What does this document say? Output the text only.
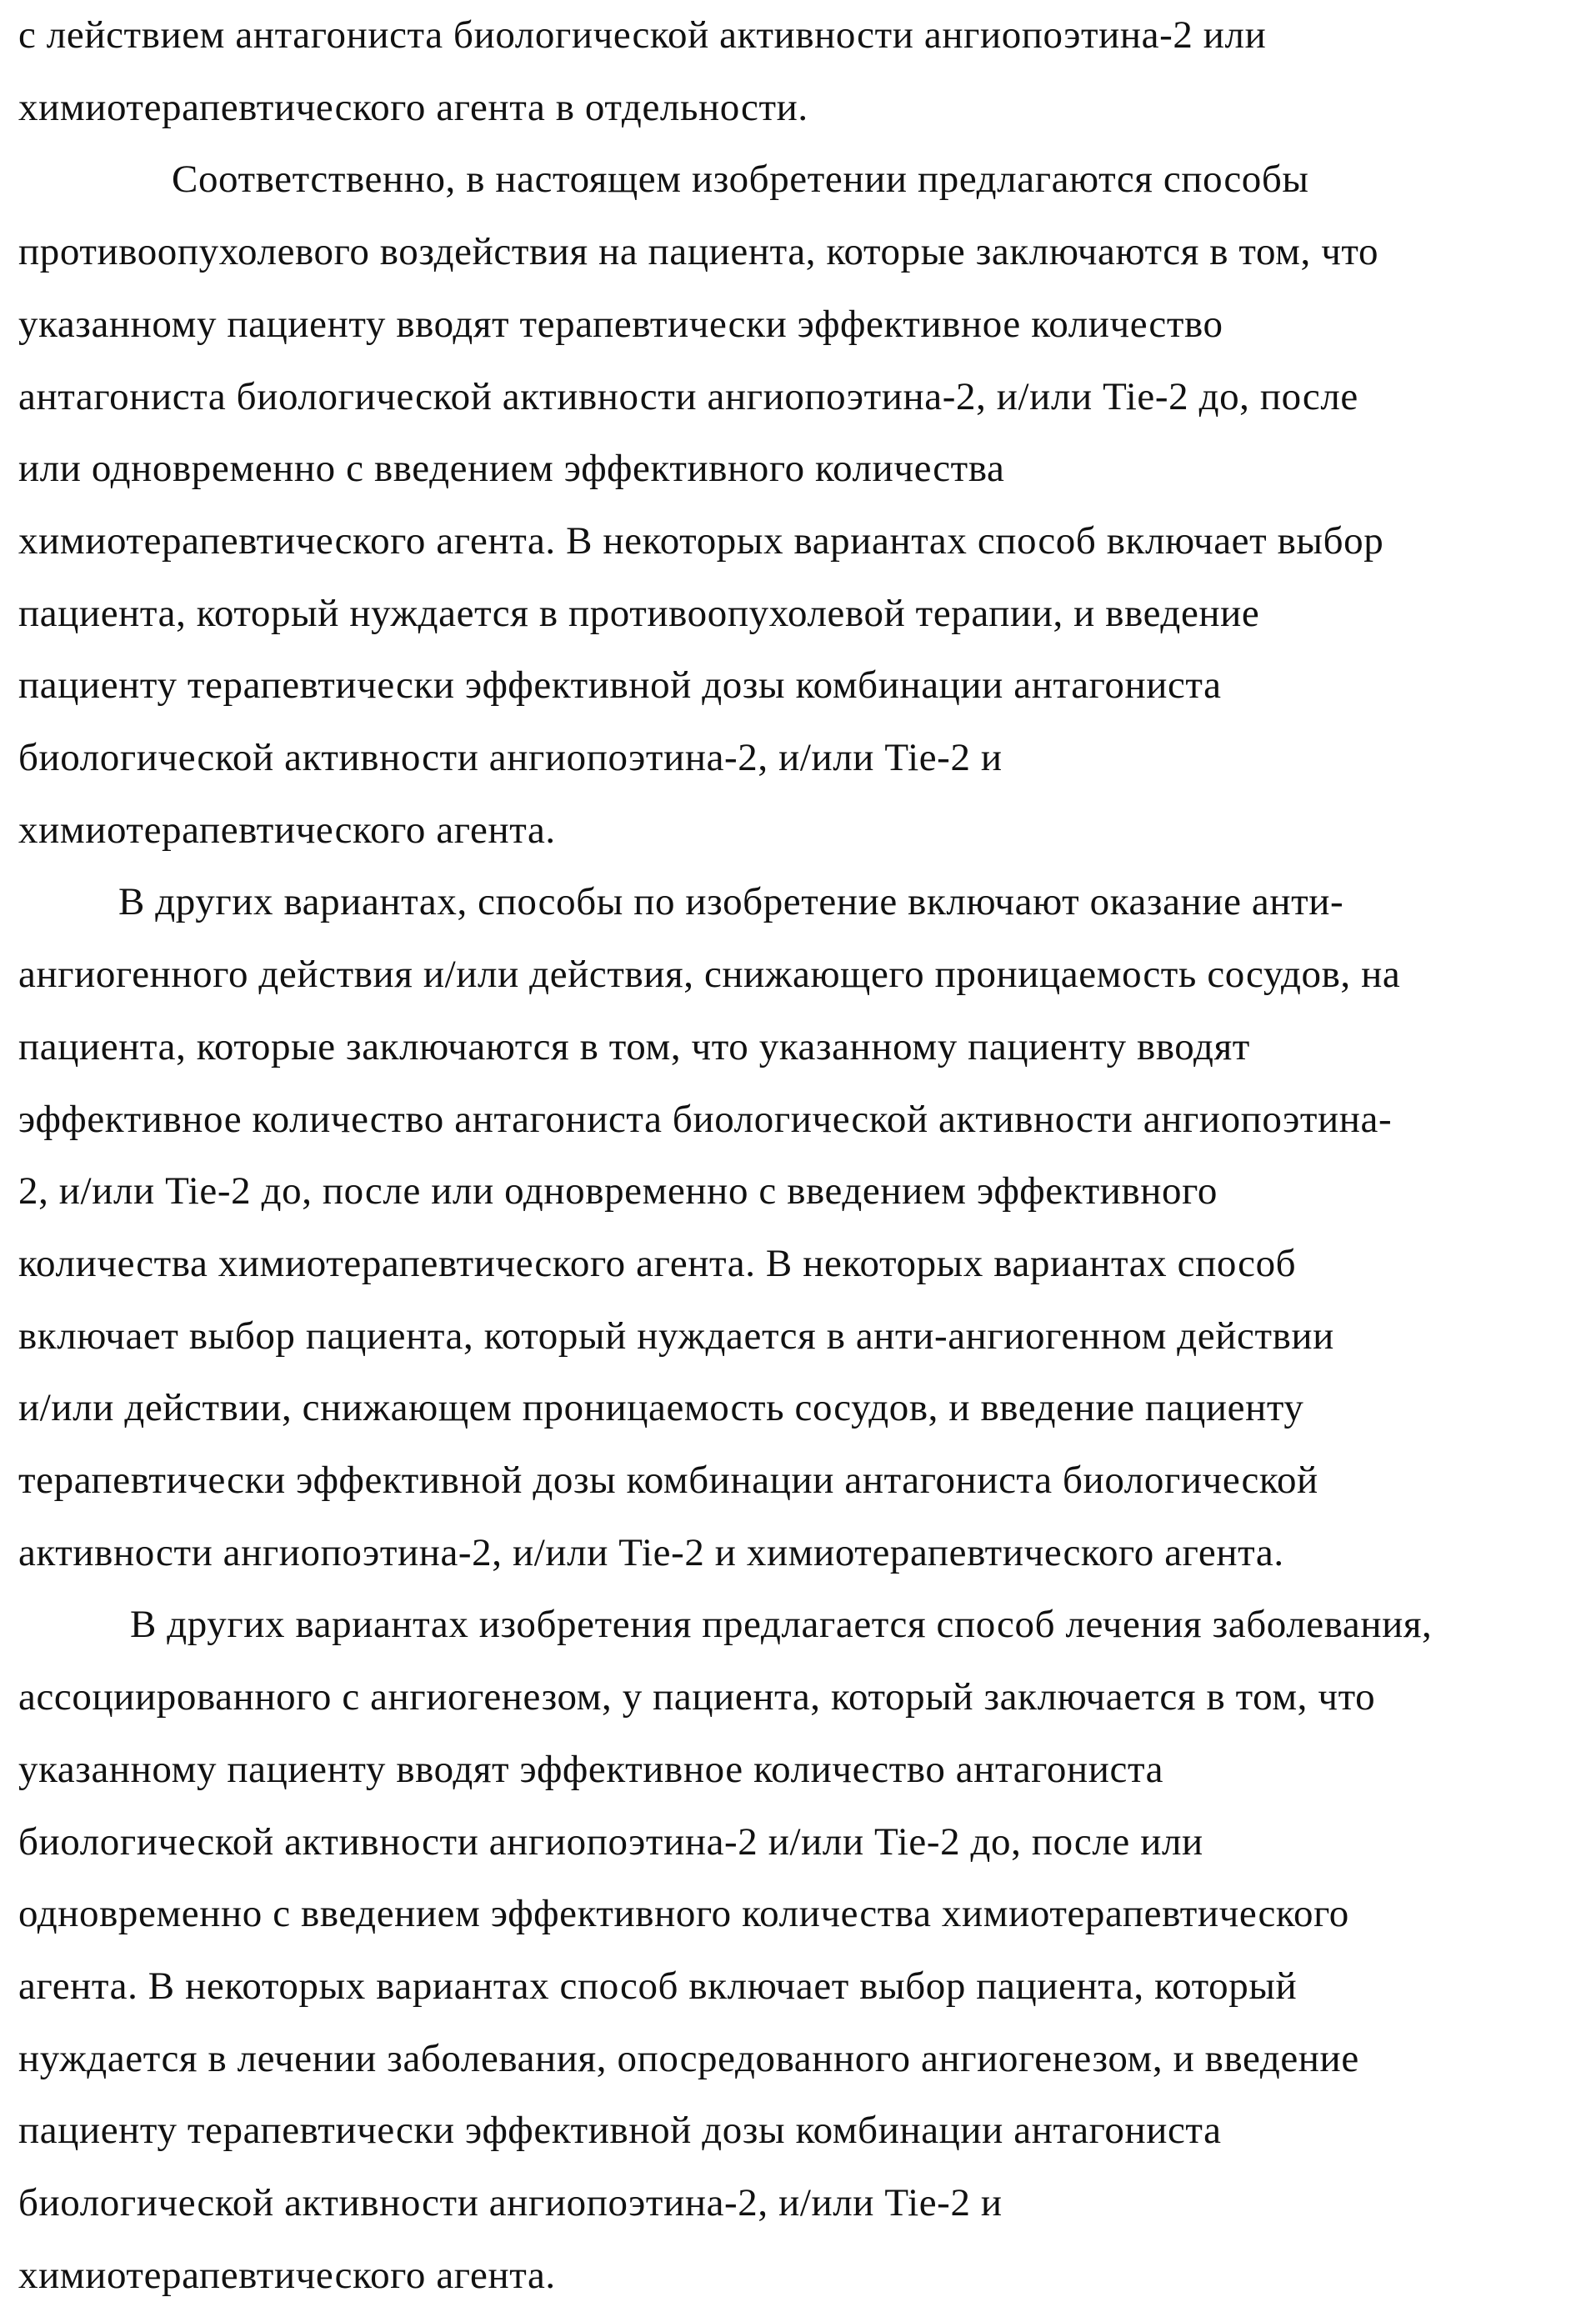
с лействием антагониста биологической активности ангиопоэтина-2 или
химиотерапевтического агента в отдельности.
Соответственно, в настоящем изобретении предлагаются способы
противоопухолевого воздействия на пациента, которые заключаются в том, что
указанному пациенту вводят терапевтически эффективное количество
антагониста биологической активности ангиопоэтина-2, и/или Tie-2 до, после
или одновременно с введением эффективного количества
химиотерапевтического агента. В некоторых вариантах способ включает выбор
пациента, который нуждается в противоопухолевой терапии, и введение
пациенту терапевтически эффективной дозы комбинации антагониста
биологической активности ангиопоэтина-2, и/или Tie-2 и
химиотерапевтического агента.
В других вариантах, способы по изобретение включают оказание анти-
ангиогенного действия и/или действия, снижающего проницаемость сосудов, на
пациента, которые заключаются в том, что указанному пациенту вводят
эффективное количество антагониста биологической активности ангиопоэтина-
2, и/или Tie-2 до, после или одновременно с введением эффективного
количества химиотерапевтического агента. В некоторых вариантах способ
включает выбор пациента, который нуждается в анти-ангиогенном действии
и/или действии, снижающем проницаемость сосудов, и введение пациенту
терапевтически эффективной дозы комбинации антагониста биологической
активности ангиопоэтина-2, и/или Tie-2 и химиотерапевтического агента.
В других вариантах изобретения предлагается способ лечения заболевания,
ассоциированного с ангиогенезом, у пациента, который заключается в том, что
указанному пациенту вводят эффективное количество антагониста
биологической активности ангиопоэтина-2 и/или Tie-2 до, после или
одновременно с введением эффективного количества химиотерапевтического
агента. В некоторых вариантах способ включает выбор пациента, который
нуждается в лечении заболевания, опосредованного ангиогенезом, и введение
пациенту терапевтически эффективной дозы комбинации антагониста
биологической активности ангиопоэтина-2, и/или Tie-2 и
химиотерапевтического агента.
